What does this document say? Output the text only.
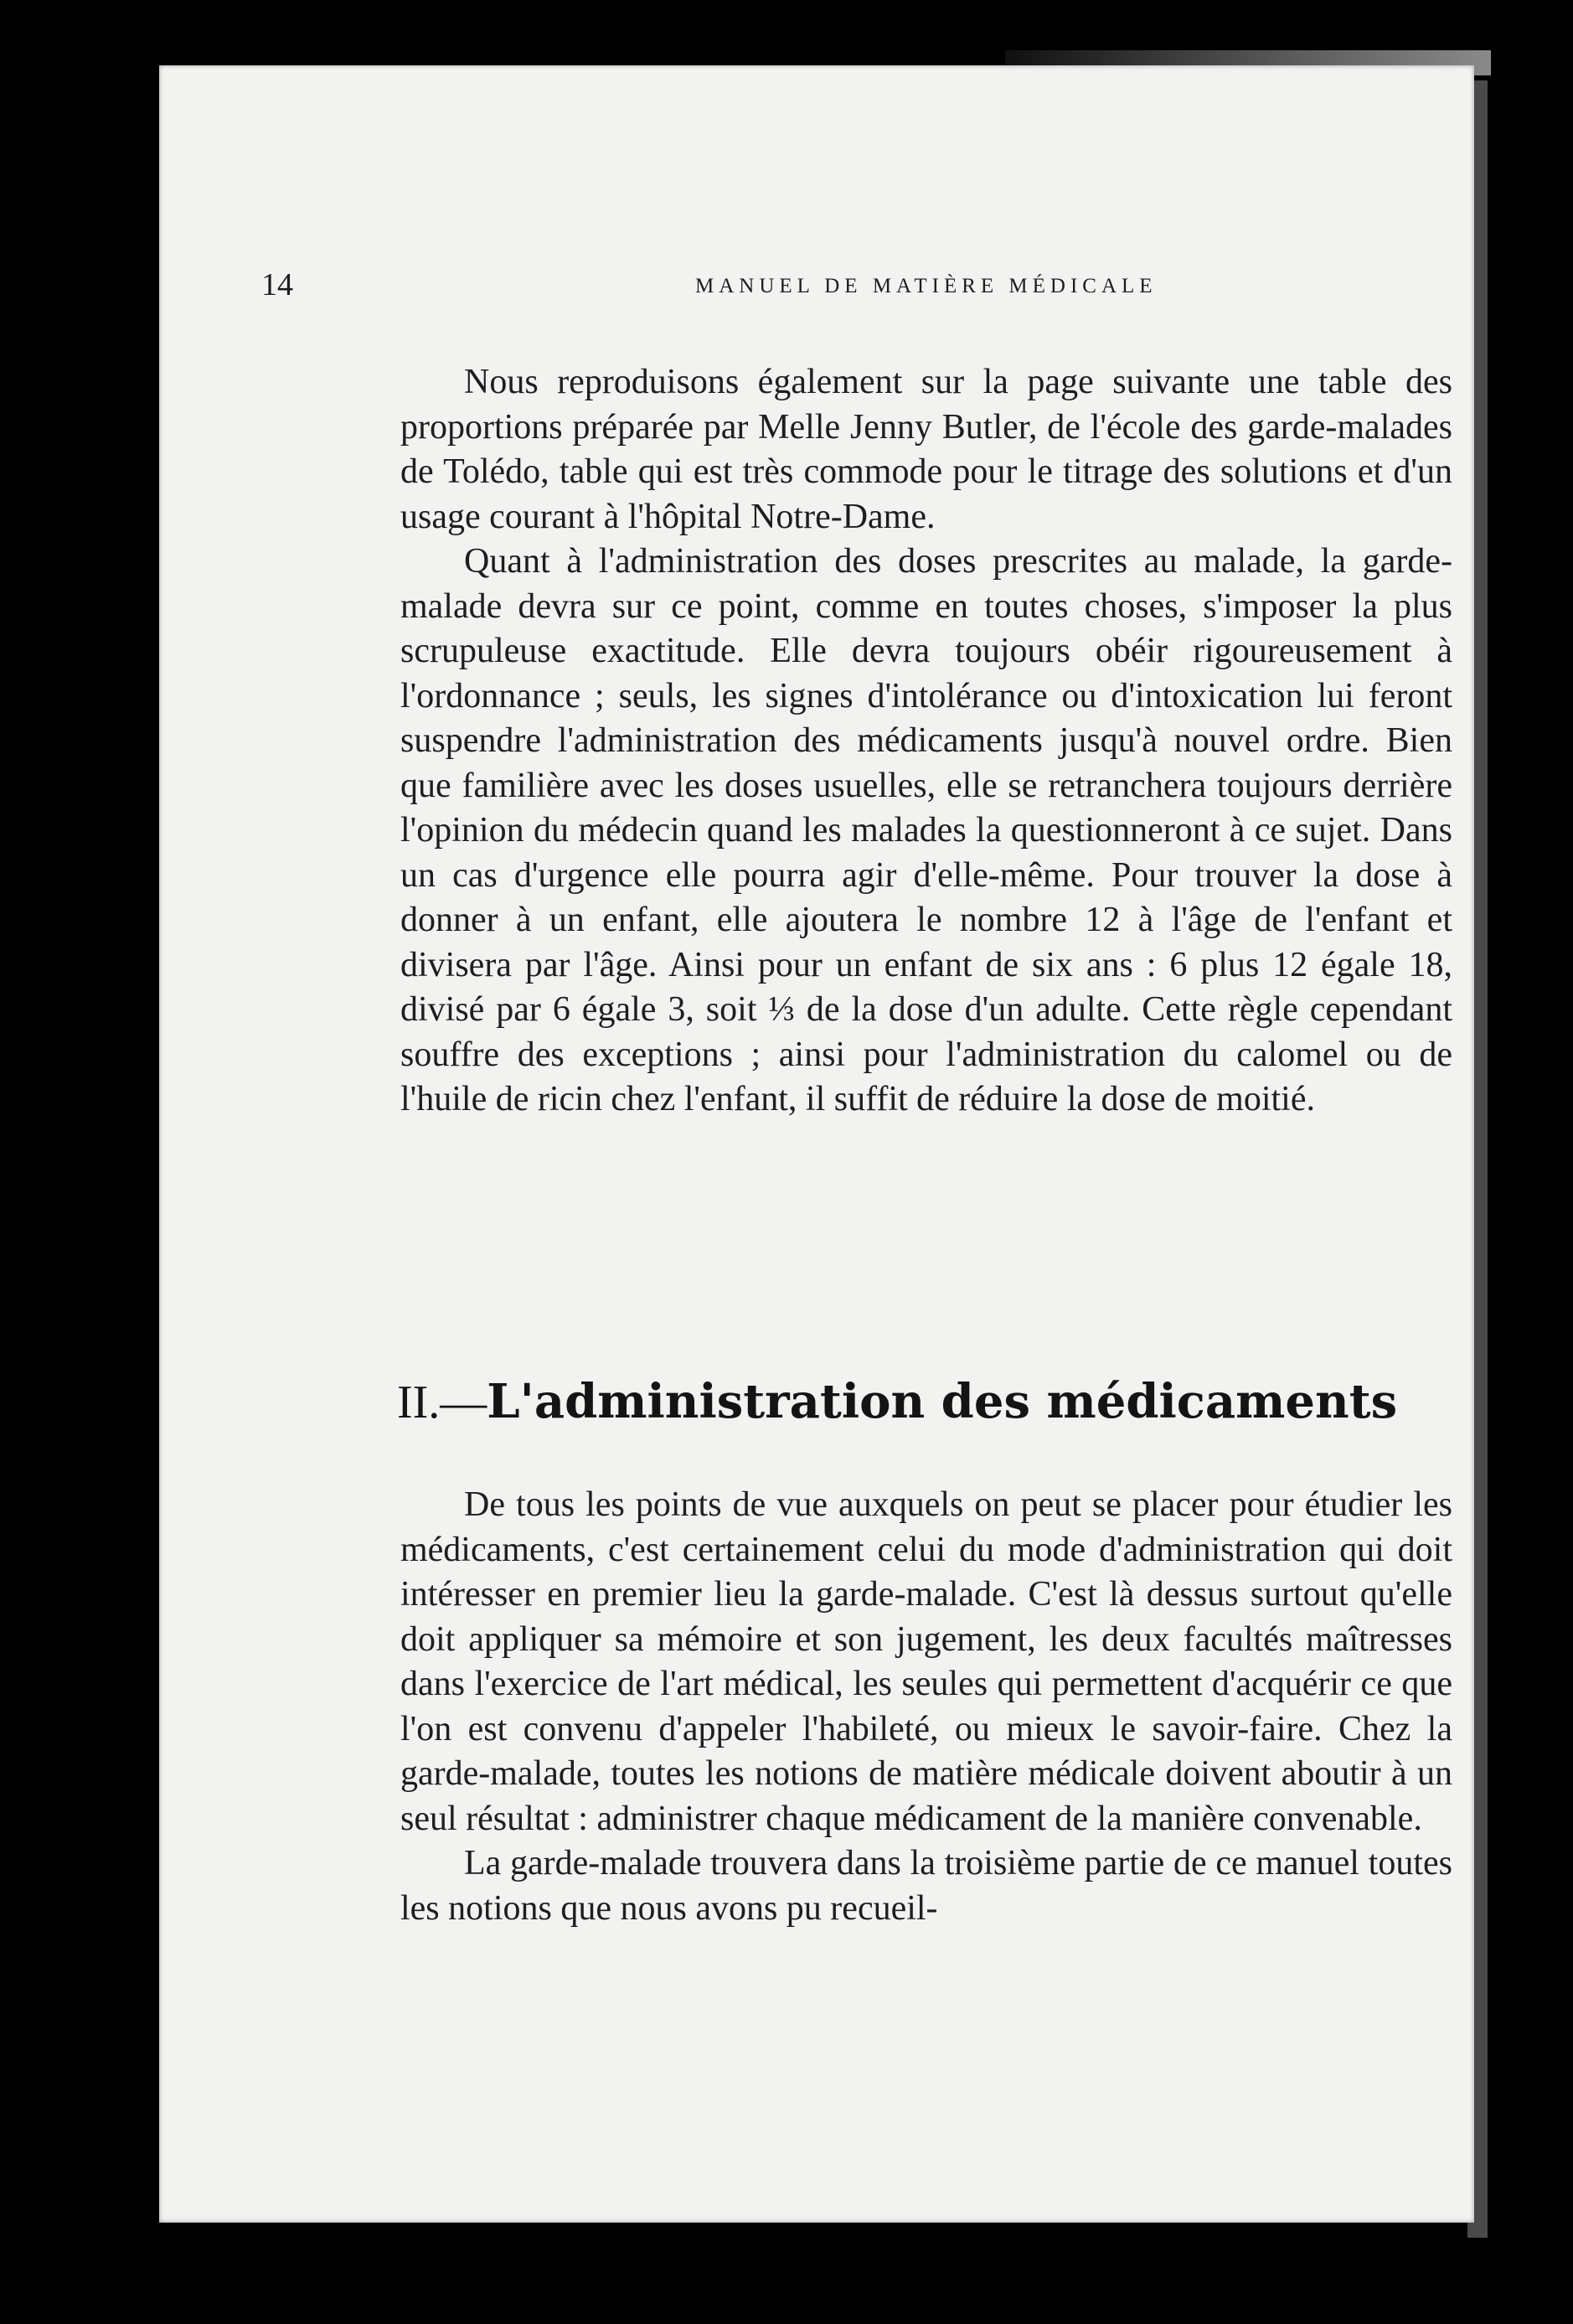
14	MANUEL DE MATIÈRE MÉDICALE

Nous reproduisons également sur la page suivante une table des proportions préparée par Melle Jenny Butler, de l'école des garde-malades de Tolédo, table qui est très commode pour le titrage des solutions et d'un usage courant à l'hôpital Notre-Dame.

Quant à l'administration des doses prescrites au malade, la garde-malade devra sur ce point, comme en toutes choses, s'imposer la plus scrupuleuse exactitude. Elle devra toujours obéir rigoureusement à l'ordonnance ; seuls, les signes d'intolérance ou d'intoxication lui feront suspendre l'administration des médicaments jusqu'à nouvel ordre. Bien que familière avec les doses usuelles, elle se retranchera toujours derrière l'opinion du médecin quand les malades la questionneront à ce sujet. Dans un cas d'urgence elle pourra agir d'elle-même. Pour trouver la dose à donner à un enfant, elle ajoutera le nombre 12 à l'âge de l'enfant et divisera par l'âge. Ainsi pour un enfant de six ans : 6 plus 12 égale 18, divisé par 6 égale 3, soit ⅓ de la dose d'un adulte. Cette règle cependant souffre des exceptions ; ainsi pour l'administration du calomel ou de l'huile de ricin chez l'enfant, il suffit de réduire la dose de moitié.

II.—L'administration des médicaments

De tous les points de vue auxquels on peut se placer pour étudier les médicaments, c'est certainement celui du mode d'administration qui doit intéresser en premier lieu la garde-malade. C'est là dessus surtout qu'elle doit appliquer sa mémoire et son jugement, les deux facultés maîtresses dans l'exercice de l'art médical, les seules qui permettent d'acquérir ce que l'on est convenu d'appeler l'habileté, ou mieux le savoir-faire. Chez la garde-malade, toutes les notions de matière médicale doivent aboutir à un seul résultat : administrer chaque médicament de la manière convenable.

La garde-malade trouvera dans la troisième partie de ce manuel toutes les notions que nous avons pu recueil-
